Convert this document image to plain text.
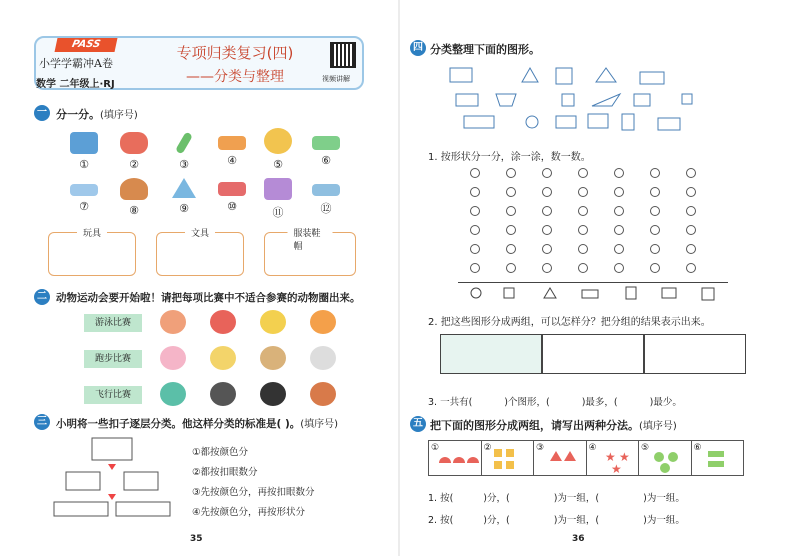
PASS
小学学霸冲A卷
数学 二年级上·RJ
专项归类复习(四)
——分类与整理	视频讲解
一 分一分。(填序号)
①	②	③	④	⑤	⑥
⑦	⑧	⑨	⑩	⑪	⑫
玩具	文具	服装鞋帽
二 动物运动会要开始啦！请把每项比赛中不适合参赛的动物圈出来。
游泳比赛
跑步比赛
飞行比赛
三 小明将一些扣子逐层分类。他这样分类的标准是( )。(填序号)
①都按颜色分
②都按扣眼数分
③先按颜色分，再按扣眼数分
④先按颜色分，再按形状分
35
四 分类整理下面的图形。
1. 按形状分一分，涂一涂，数一数。
2. 把这些图形分成两组，可以怎样分？把分组的结果表示出来。
3. 一共有(	)个图形，(	)最多，(	)最少。
五 把下面的图形分成两组，请写出两种分法。(填序号)
①	②	③	④
★ ★
★
⑤	⑥
1. 按(	)分，(	)为一组，(	)为一组。
2. 按(	)分，(	)为一组，(	)为一组。
36
